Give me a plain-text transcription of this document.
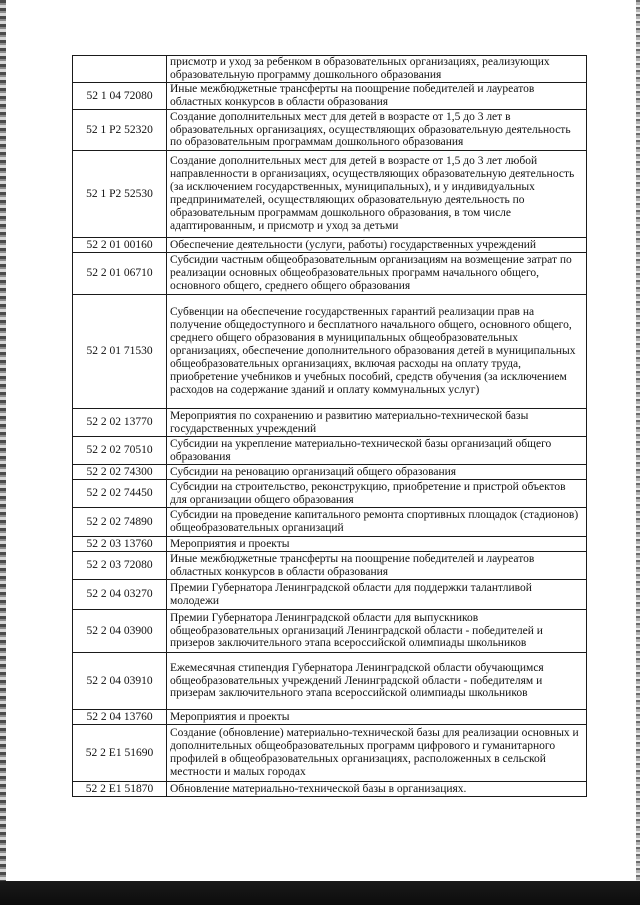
	присмотр и уход за ребенком в образовательных организациях, реализующих образовательную программу дошкольного образования
52 1 04 72080	Иные межбюджетные трансферты на поощрение победителей и лауреатов областных конкурсов в области образования
52 1 P2 52320	Создание дополнительных мест для детей в возрасте от 1,5 до 3 лет в образовательных организациях, осуществляющих образовательную деятельность по образовательным программам дошкольного образования
52 1 P2 52530	Создание дополнительных мест для детей в возрасте от 1,5 до 3 лет любой направленности в организациях, осуществляющих образовательную деятельность (за исключением государственных, муниципальных), и у индивидуальных предпринимателей, осуществляющих образовательную деятельность по образовательным программам дошкольного образования, в том числе адаптированным, и присмотр и уход за детьми
52 2 01 00160	Обеспечение деятельности (услуги, работы) государственных учреждений
52 2 01 06710	Субсидии частным общеобразовательным организациям на возмещение затрат по реализации основных общеобразовательных программ начального общего, основного общего, среднего общего образования
52 2 01 71530	Субвенции на обеспечение государственных гарантий реализации прав на получение общедоступного и бесплатного начального общего, основного общего, среднего общего образования в муниципальных общеобразовательных организациях, обеспечение дополнительного образования детей в муниципальных общеобразовательных организациях, включая расходы на оплату труда, приобретение учебников и учебных пособий, средств обучения (за исключением расходов на содержание зданий и оплату коммунальных услуг)
52 2 02 13770	Мероприятия по сохранению и развитию материально-технической базы государственных учреждений
52 2 02 70510	Субсидии на укрепление материально-технической базы организаций общего образования
52 2 02 74300	Субсидии на реновацию организаций общего образования
52 2 02 74450	Субсидии на строительство, реконструкцию, приобретение и пристрой объектов для организации общего образования
52 2 02 74890	Субсидии на проведение капитального ремонта спортивных площадок (стадионов) общеобразовательных организаций
52 2 03 13760	Мероприятия и проекты
52 2 03 72080	Иные межбюджетные трансферты на поощрение победителей и лауреатов областных конкурсов в области образования
52 2 04 03270	Премии Губернатора Ленинградской области для поддержки талантливой молодежи
52 2 04 03900	Премии Губернатора Ленинградской области для выпускников общеобразовательных организаций Ленинградской области - победителей и призеров заключительного этапа всероссийской олимпиады школьников
52 2 04 03910	Ежемесячная стипендия Губернатора Ленинградской области обучающимся общеобразовательных учреждений Ленинградской области - победителям и призерам заключительного этапа всероссийской олимпиады школьников
52 2 04 13760	Мероприятия и проекты
52 2 E1 51690	Создание (обновление) материально-технической базы для реализации основных и дополнительных общеобразовательных программ цифрового и гуманитарного профилей в общеобразовательных организациях, расположенных в сельской местности и малых городах
52 2 E1 51870	Обновление материально-технической базы в организациях.
